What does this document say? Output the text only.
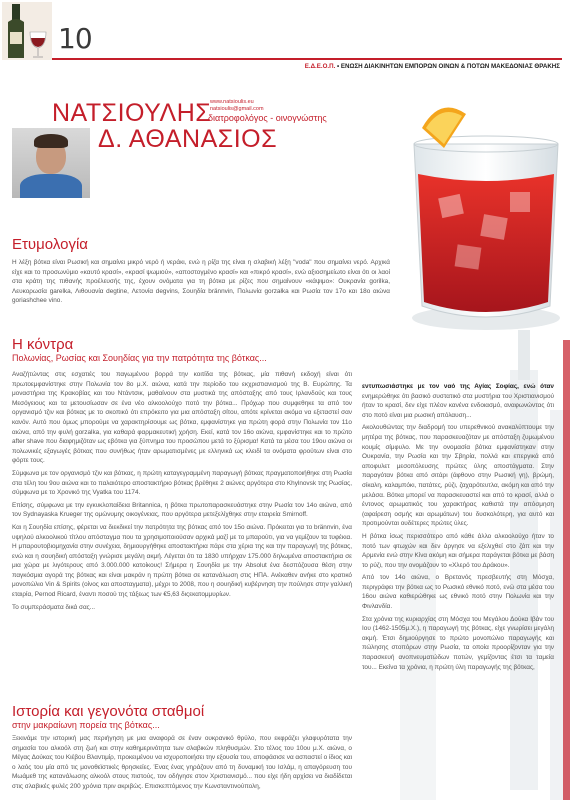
10
Ε.Δ.Ε.Ο.Π. • ΕΝΩΣΗ ΔΙΑΚΙΝΗΤΩΝ ΕΜΠΟΡΩΝ ΟΙΝΩΝ & ΠΟΤΩΝ ΜΑΚΕΔΟΝΙΑΣ ΘΡΑΚΗΣ
ΝΑΤΣΙΟΥΛΗΣ
Δ. ΑΘΑΝΑΣΙΟΣ
www.natsioulis.eu
natsioulis@gmail.com
διατροφολόγος - οινογνώστης
Ετυμολογία
Η λέξη βότκα είναι Ρωσική και σημαίνει μικρό νερό ή νεράκι, ενώ η ρίζα της είναι η σλαβική λέξη "voda" που σημαίνει νερό. Αρχικά είχε και το προσωνύμιο «καυτό κρασί», «κρασί ψωμιού», «αποστογμένο κρασί» και «πικρό κρασί», ενώ αξιοσημείωτο είναι ότι οι λαοί στα κράτη της πιθανής προέλευσής της, έχουν ονόματα για τη βότκα με ρίζες που σημαίνουν «κάψιμο»: Ουκρανία gorilka, Λευκορωσία garelka, Λιθουανία degtine, Λετονία degvins, Σουηδία brännvin, Πολωνία gorzałka και Ρωσία τον 17ο και 18ο αιώνα goriashchee vino.
Η κόντρα
Πολωνίας, Ρωσίας και Σουηδίας για την πατρότητα της βότκας...

Αναζήτώντας στις εσχατιές του παγωμένου βορρά την κοιτίδα της βότκας, μία πιθανή εκδοχή είναι ότι πρωτοεμφανίστηκε στην Πολωνία τον 8ο μ.Χ. αιώνα, κατά την περίοδο του εκχριστιανισμού της Β. Ευρώπης. Τα μοναστήρια της Κρακοβίας και του Ντάντσικ, μαθαίνουν στα μυστικά της απόσταξης από τους Ιρλανδούς και τους Μεσόγειους και τα μετουσίωσαν σε ένα νέο αλκοολούχο ποτό την βότκα... Πρόχωρ που συμφεθηκε τα από τον οργανισμό τζιν και βότκας με το σκοπικό ότι επρόκειτο για μια απόσταξη σίτου, απότε κρίνεται ακόμα να εξεταστεί σαν κανόν. Αυτό που όμως μπορούμε να χαρακτηρίσουμε ως βότκα, εμφανίστηκε για πρώτη φορά στην Πολωνία τον 11ο αιώνα, από την φυλή gorzalka, για καθαρά φαρμακευτική χρήση. Εκεί, κατά τον 16ο αιώνα, εμφανίστηκε και το πρώτο after shave που διαφημιζόταν ως εβότκα για ξύπνημα του προσώπου μετά το ξύρισμα! Κατά τα μέσα του 19ου αιώνα οι πολωνικές εξαγωγές βότκας που συνήθως ήταν αρωματισμένες με ελληνικά ως κλειδί τα ονόματα φρούτων είναι στο φόρτε τους.

Σύμφωνα με τον οργανισμό τζιν και βότκας, η πρώτη καταγεγραμμένη παραγωγή βότκας πραγματοποιήθηκε στη Ρωσία στα τέλη του 9ου αιώνα και το παλαιότερο αποστακτήριο βότκας βρέθηκε 2 αιώνες αργότερα στο Khylnovsk της Ρωσίας, σύμφωνα με το Χρονικό της Vyatka του 1174.

Επίσης, σύμφωνα με την εγκυκλοπαίδεια Britannica, η βότκα πρωτοπαρασκευάστηκε στην Ρωσία τον 14ο αιώνα, από τον Sydnayaska Krueger της ομώνυμης οικογένειας, που αργότερα μετεξελίχθηκε στην εταιρεία Smirnoff.

Και η Σουηδία επίσης, φέρεται να διεκδικεί την πατρότητα της βότκας από τον 15ο αιώνα. Πρόκειται για το brännvin, ένα υψηλού αλκοολικού τίτλου απόσταγμα που τα χρησιμοποιούσαν αρχικά μαζί με το μπαρούτι, για να γεμίζουν τα τυφέκια. Η μπαρουτοβιομηχανία στην συνέχεια, δημιουργήθηκε αποστακτήρια πάρε στα χέρια της και την παραγωγή της βότκας, ενώ και η σουηδική απόσταξη γνώρισε μεγάλη ακμή. Λέγεται ότι τα 1830 υπήρχαν 175.000 δηλωμένα αποστακτήρια σε μια χώρα με λιγότερους από 3.000.000 κατοίκους! Σήμερα η Σουηδία με την Absolut ένα δεσπόζουσα θέση στην παγκόσμια αγορά της βότκας και είναι μακράν η πρώτη βότκα σε κατανάλωση στις ΗΠΑ. Ανέκαθεν ανήκε στο κρατικό μονοπώλιο Vin & Spirits (οίνος και αποσταγματα), μέχρι το 2008, που η σουηδική κυβέρνηση την πούλησε στην γαλλική εταιρία, Pernod Ricard, έναντι ποσού της τάξεως των €5,63 διςεκατομμυρίων.

Το συμπεράσματα δικά σας...

Ιστορία και γεγονότα σταθμοί
στην μακραίωνη πορεία της βότκας...
Ξεκινάμε την ιστορική μας περιήγηση με μια αναφορά σε έναν ουκρανικό θρύλο, που εκφράζει γλαφυρότατα την σημασία του αλκοόλ στη ζωή και στην καθημερινότητα των σλαβικών πληθυσμών. Στο τέλος του 10ου μ.Χ. αιώνα, ο Μέγας Δούκας του Κιέβου Βλαντιμίρ, προκειμένου να ισχυροποιήσει την εξουσία του, αποφάσισε να ασπαστεί ο ίδιος και ο λαός του μία από τις μονοθεϊστικές θρησκείες. Ένας ένας γηράζουν από τη δυναμική του Ισλάμ, η απαγόρευση του Μωάμεθ της κατανάλωσης αλκοόλ στους πιστούς, τον οδήγησε στον Χριστιανισμό... που είχε ήδη αρχίσει να διαδίδεται στις σλαβικές φυλές 200 χρόνια πριν ακριβώς. Επισκεπτόμενος την Κωνσταντινούπολη,

εντυπωσιάστηκε με τον ναό της Αγίας Σοφίας, ενώ όταν ενημερώθηκε ότι βασικό συστατικό στα μυστήρια του Χριστιανισμού ήταν το κρασί, δεν είχε πλέον κανένα ενδοιασμό, αναφωνώντας ότι στο ποτό είναι μια ρωσική απόλαυση...

Ακολουθώντας την διαδρομή του υπερεθνικού ανακαλύπτουμε την μητέρα της βότκας, που παρασκευαζόταν με απόσταξη ζυμωμένου κουμίς σίμφυλο. Με την ονομασία βότκα εμφανίστηκαν στην Ουκρανία, την Ρωσία και την Σβηρία, πολλά και επεργικά από αποφυλετ μεσοπόλευσης πρώτες ύλης αποστάγματα. Στην παραγόταν βότκα από σιτάρι (άφθονο στην Ρωσική γη), βρώμη, σίκαλη, καλαμπόκι, πατάτες, ρύζι, ζαχαρότευτλα, ακόμη και από την μελάσα. Βότκα μπορεί να παρασκευαστεί και από το κρασί, αλλά ο έντονος αρωματικός του χαρακτήρας καθιστά την απόσμηση (αφαίρεση οσμής και αρωμάτων) του δυσκολότερη, για αυτό και προτιμούνται ουδέτερες πρώτες ύλες.

Η βότκα ίσως περισσότερο από κάθε άλλο αλκοολούχο ήταν το ποτό των φτωχών και δεν άργησε να εξελιχθεί στο ζάπ και την Αρμενία ενώ στην Κίνα ακόμη και σήμερα παράγεται βότκα με βάση το ρύζι, που την ονομάζουν το «Χλερό του Δράκου».

Από τον 14ο αιώνα, ο Βρετανός πρεσβευτής στη Μόσχα, περιγράφει την βότκα ως το Ρωσικό εθνικό ποτό, ενώ στα μέσα του 16ου αιώνα καθιερώθηκε ως εθνικό ποτό στην Πολωνία και την Φινλανδία.

Στα χρόνια της κυριαρχίας στη Μόσχα του Μεγάλου Δούκα Ιβάν του Ιου (1462-1505μ.Χ.), η παραγωγή της βότκας, είχε γνωρίσει μεγάλη ακμή. Έτσι δημιούργησε το πρώτο μονοπώλιο παραγωγής και πώλησης στοπόρων στην Ρωσία, τα οποία προορίζονταν για την παρασκευή ανοπνευματώδων ποτών, γεμίζοντας έτσι τα ταμεία του... Εκείνα τα χρόνια, η πρώτη ύλη παραγωγής της βότκας,
